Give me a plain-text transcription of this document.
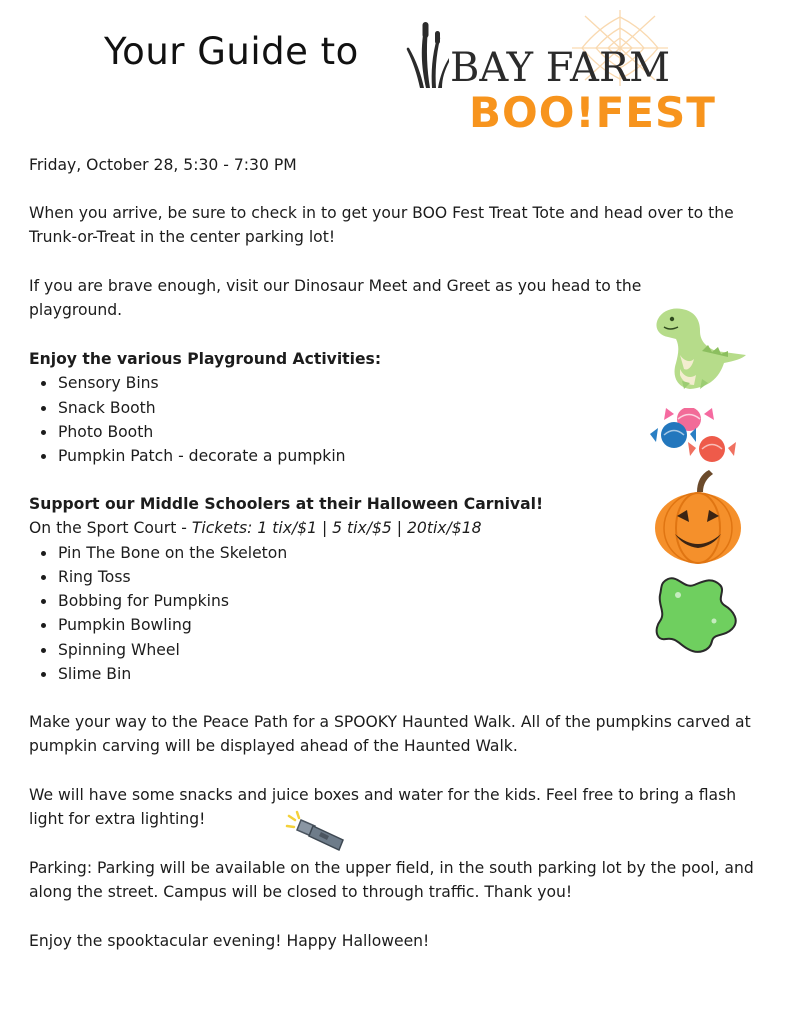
Your Guide to BAY FARM
BOO!FEST

Friday, October 28, 5:30 - 7:30 PM

When you arrive, be sure to check in to get your BOO Fest Treat Tote and head over to the Trunk-or-Treat in the center parking lot!

If you are brave enough, visit our Dinosaur Meet and Greet as you head to the playground.

Enjoy the various Playground Activities:

Sensory Bins
Snack Booth
Photo Booth
Pumpkin Patch - decorate a pumpkin

Support our Middle Schoolers at their Halloween Carnival!

On the Sport Court - Tickets: 1 tix/$1 | 5 tix/$5 | 20tix/$18

Pin The Bone on the Skeleton
Ring Toss
Bobbing for Pumpkins
Pumpkin Bowling
Spinning Wheel
Slime Bin

Make your way to the Peace Path for a SPOOKY Haunted Walk. All of the pumpkins carved at pumpkin carving will be displayed ahead of the Haunted Walk.

We will have some snacks and juice boxes and water for the kids. Feel free to bring a flash light for extra lighting!

Parking: Parking will be available on the upper field, in the south parking lot by the pool, and along the street. Campus will be closed to through traffic. Thank you!

Enjoy the spooktacular evening! Happy Halloween!
